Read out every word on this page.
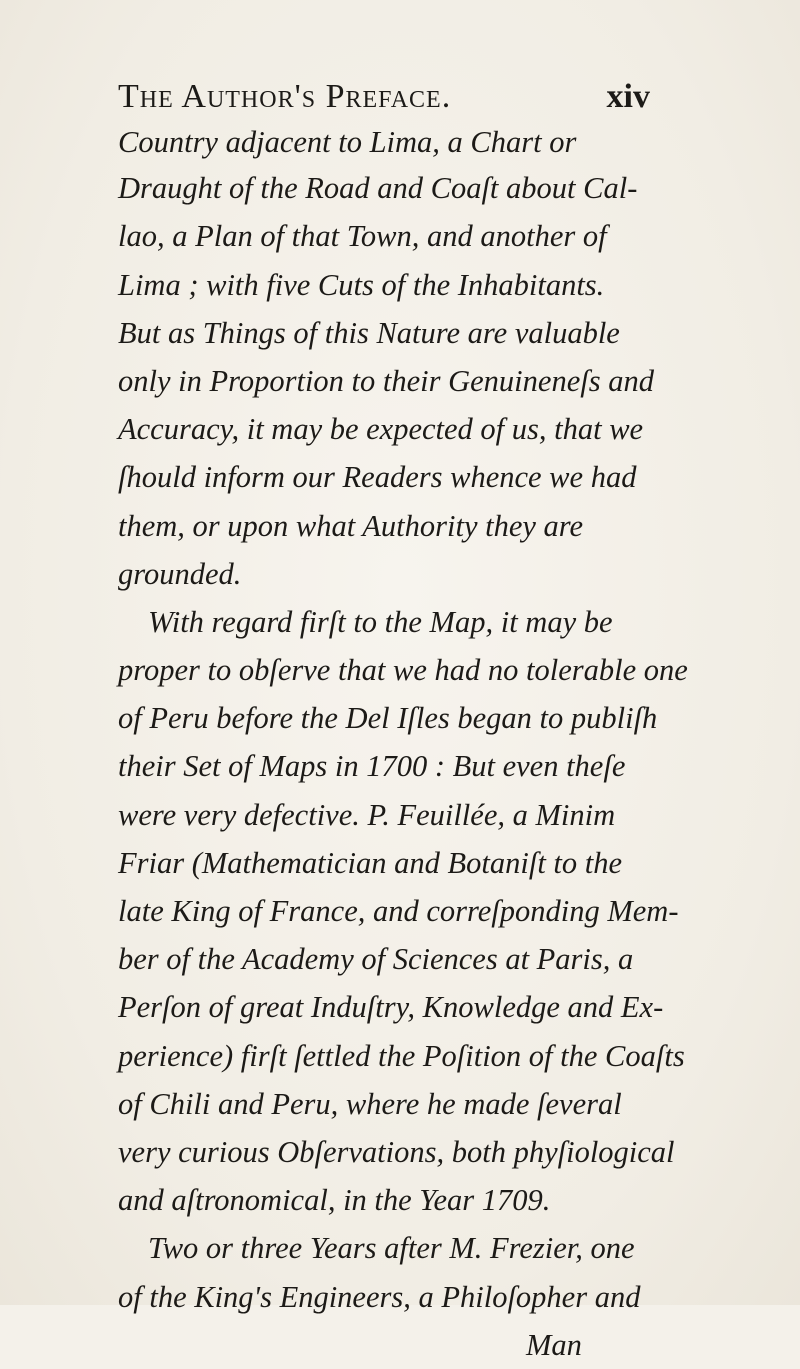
The Author's Preface.	xiv
Country adjacent to Lima, a Chart or
Draught of the Road and Coaſt about Cal-
lao, a Plan of that Town, and another of
Lima ; with five Cuts of the Inhabitants.
But as Things of this Nature are valuable
only in Proportion to their Genuineneſs and
Accuracy, it may be expected of us, that we
ſhould inform our Readers whence we had
them, or upon what Authority they are
grounded.
With regard firſt to the Map, it may be
proper to obſerve that we had no tolerable one
of Peru before the Del Iſles began to publiſh
their Set of Maps in 1700 : But even theſe
were very defective. P. Feuillée, a Minim
Friar (Mathematician and Botaniſt to the
late King of France, and correſponding Mem-
ber of the Academy of Sciences at Paris, a
Perſon of great Induſtry, Knowledge and Ex-
perience) firſt ſettled the Poſition of the Coaſts
of Chili and Peru, where he made ſeveral
very curious Obſervations, both phyſiological
and aſtronomical, in the Year 1709.
Two or three Years after M. Frezier, one
of the King's Engineers, a Philoſopher and
Man
